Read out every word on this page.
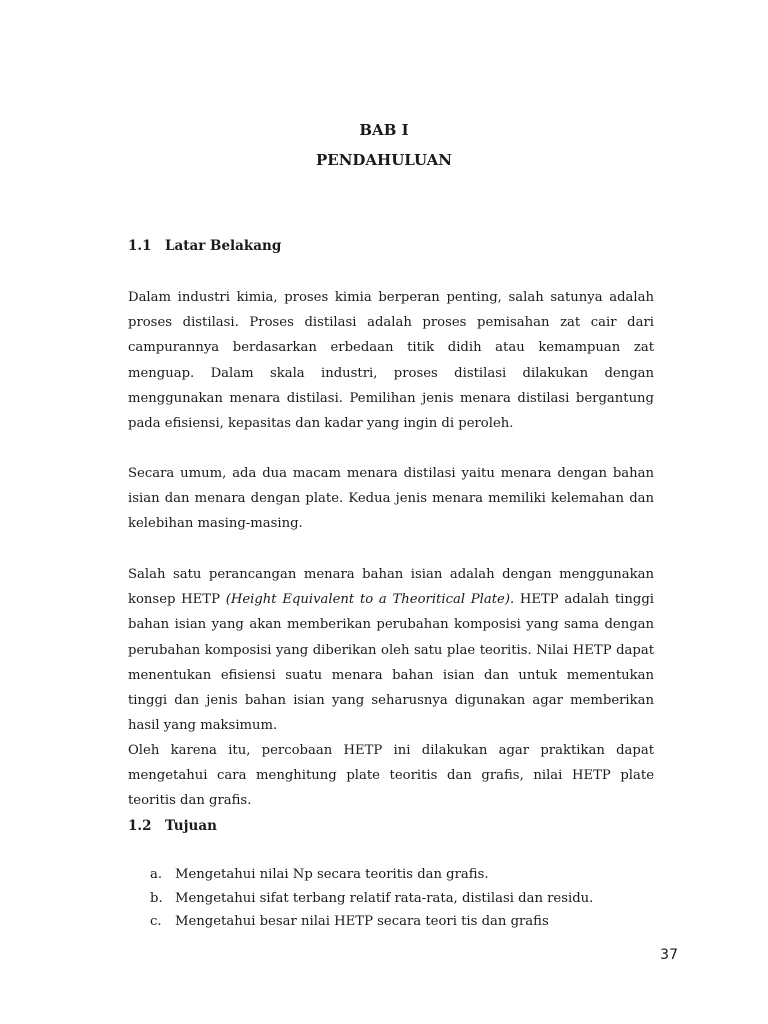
BAB I
PENDAHULUAN
1.1 Latar Belakang

Dalam industri kimia, proses kimia berperan penting, salah satunya adalah proses distilasi. Proses distilasi adalah proses pemisahan zat cair dari campurannya berdasarkan erbedaan titik didih atau kemampuan zat menguap. Dalam skala industri, proses distilasi dilakukan dengan menggunakan menara distilasi. Pemilihan jenis menara distilasi bergantung pada efisiensi, kepasitas dan kadar yang ingin di peroleh.

Secara umum, ada dua macam menara distilasi yaitu menara dengan bahan isian dan menara dengan plate. Kedua jenis menara memiliki kelemahan dan kelebihan masing-masing.

Salah satu perancangan menara bahan isian adalah dengan menggunakan konsep HETP (Height Equivalent to a Theoritical Plate). HETP adalah tinggi bahan isian yang akan memberikan perubahan komposisi yang sama dengan perubahan komposisi yang diberikan oleh satu plae teoritis. Nilai HETP dapat menentukan efisiensi suatu menara bahan isian dan untuk mementukan tinggi dan jenis bahan isian yang seharusnya digunakan agar memberikan hasil yang maksimum.

Oleh karena itu, percobaan HETP ini dilakukan agar praktikan dapat mengetahui cara menghitung plate teoritis dan grafis, nilai HETP plate teoritis dan grafis.

1.2 Tujuan
a. Mengetahui nilai Np secara teoritis dan grafis.
b. Mengetahui sifat terbang relatif rata-rata, distilasi dan residu.
c. Mengetahui besar nilai HETP secara teori tis dan grafis
37
